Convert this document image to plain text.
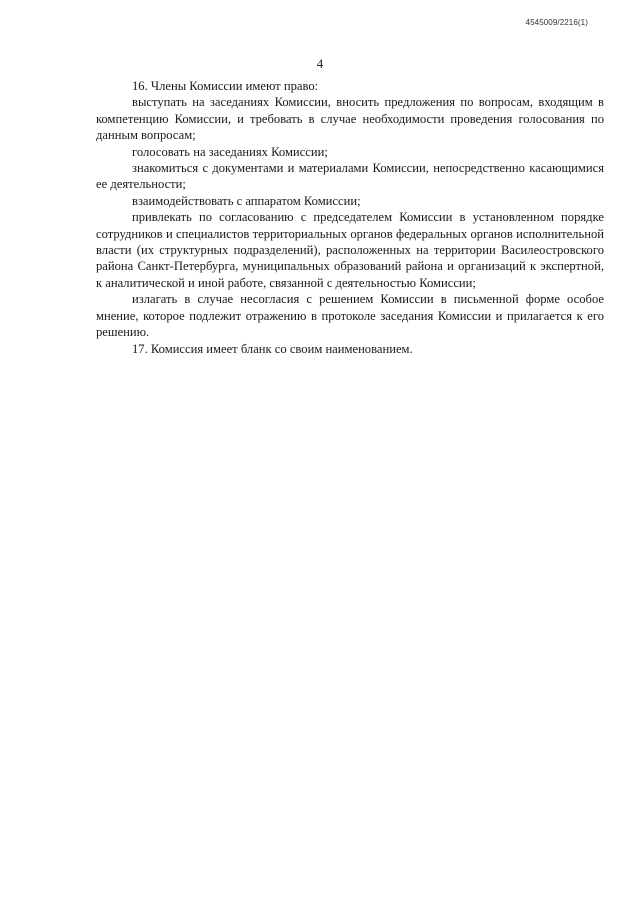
4545009/2216(1)
4

16. Члены Комиссии имеют право:

выступать на заседаниях Комиссии, вносить предложения по вопросам, входящим в компетенцию Комиссии, и требовать в случае необходимости проведения голосования по данным вопросам;

голосовать на заседаниях Комиссии;

знакомиться с документами и материалами Комиссии, непосредственно касающимися ее деятельности;

взаимодействовать с аппаратом Комиссии;

привлекать по согласованию с председателем Комиссии в установленном порядке сотрудников и специалистов территориальных органов федеральных органов исполнительной власти (их структурных подразделений), расположенных на территории Василеостровского района Санкт-Петербурга, муниципальных образований района и организаций к экспертной, к аналитической и иной работе, связанной с деятельностью Комиссии;

излагать в случае несогласия с решением Комиссии в письменной форме особое мнение, которое подлежит отражению в протоколе заседания Комиссии и прилагается к его решению.

17. Комиссия имеет бланк со своим наименованием.
